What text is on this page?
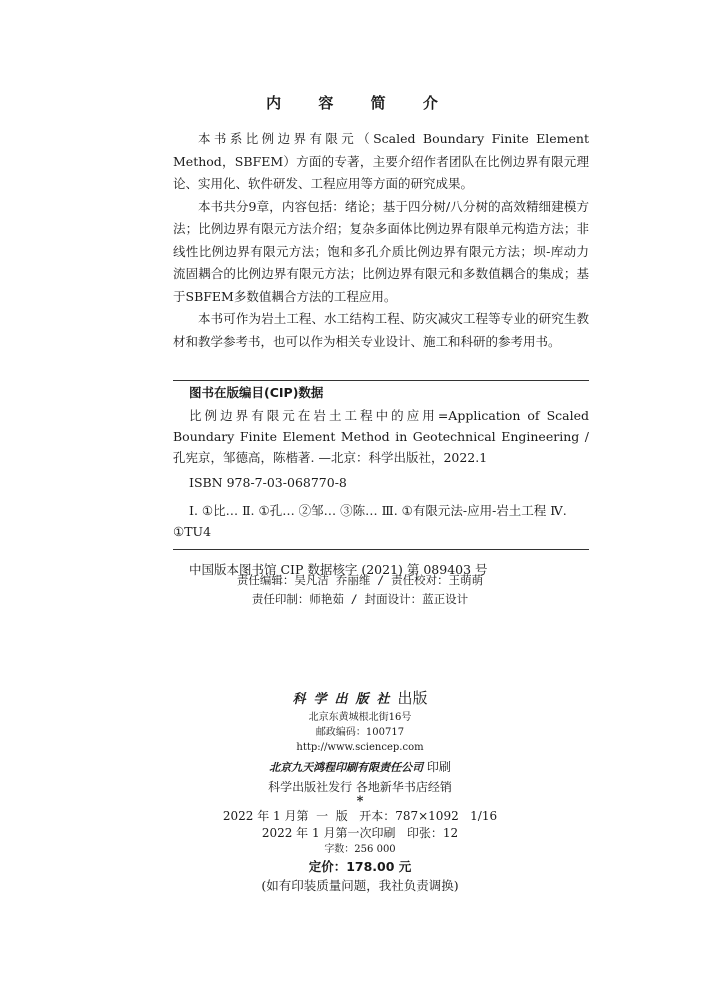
内 容 简 介

本书系比例边界有限元（Scaled Boundary Finite Element Method，SBFEM）方面的专著，主要介绍作者团队在比例边界有限元理论、实用化、软件研发、工程应用等方面的研究成果。

本书共分9章，内容包括：绪论；基于四分树/八分树的高效精细建模方法；比例边界有限元方法介绍；复杂多面体比例边界有限单元构造方法；非线性比例边界有限元方法；饱和多孔介质比例边界有限元方法；坝-库动力流固耦合的比例边界有限元方法；比例边界有限元和多数值耦合的集成；基于SBFEM多数值耦合方法的工程应用。

本书可作为岩土工程、水工结构工程、防灾减灾工程等专业的研究生教材和教学参考书，也可以作为相关专业设计、施工和科研的参考用书。

图书在版编目(CIP)数据
比例边界有限元在岩土工程中的应用=Application of Scaled Boundary Finite Element Method in Geotechnical Engineering / 孔宪京，邹德高，陈楷著. —北京：科学出版社，2022.1
ISBN 978-7-03-068770-8
Ⅰ. ①比… Ⅱ. ①孔… ②邹… ③陈… Ⅲ. ①有限元法-应用-岩土工程 Ⅳ. ①TU4
中国版本图书馆 CIP 数据核字 (2021) 第 089403 号
责任编辑：吴凡洁 乔丽维 / 责任校对：王萌萌
责任印制：师艳茹 / 封面设计：蓝正设计
科学出版社出版
北京东黄城根北街16号
邮政编码：100717
http://www.sciencep.com
北京九天鸿程印刷有限责任公司 印刷
科学出版社发行 各地新华书店经销
*
2022 年 1 月第  一  版   开本：787×1092   1/16
2022 年 1 月第一次印刷   印张：12
字数：256 000
定价：178.00 元
(如有印装质量问题，我社负责调换)
